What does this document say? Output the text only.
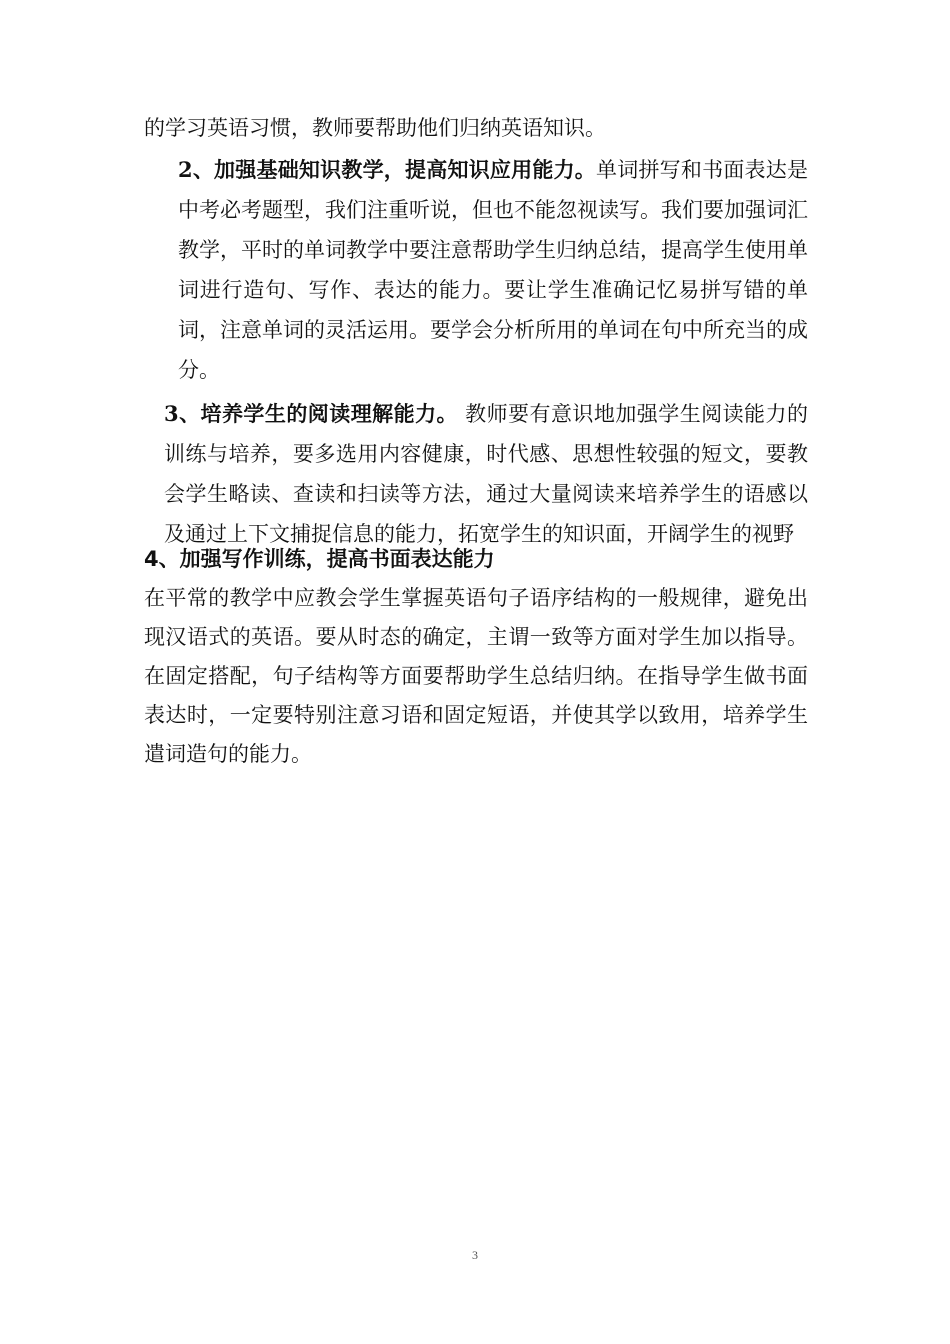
的学习英语习惯，教师要帮助他们归纳英语知识。

2、加强基础知识教学，提高知识应用能力。单词拼写和书面表达是中考必考题型，我们注重听说，但也不能忽视读写。我们要加强词汇教学，平时的单词教学中要注意帮助学生归纳总结，提高学生使用单词进行造句、写作、表达的能力。要让学生准确记忆易拼写错的单词，注意单词的灵活运用。要学会分析所用的单词在句中所充当的成分。

3、培养学生的阅读理解能力。 教师要有意识地加强学生阅读能力的训练与培养，要多选用内容健康，时代感、思想性较强的短文，要教会学生略读、查读和扫读等方法，通过大量阅读来培养学生的语感以及通过上下文捕捉信息的能力，拓宽学生的知识面，开阔学生的视野

4、加强写作训练，提高书面表达能力

在平常的教学中应教会学生掌握英语句子语序结构的一般规律，避免出现汉语式的英语。要从时态的确定，主谓一致等方面对学生加以指导。在固定搭配，句子结构等方面要帮助学生总结归纳。在指导学生做书面表达时，一定要特别注意习语和固定短语，并使其学以致用，培养学生遣词造句的能力。

3
